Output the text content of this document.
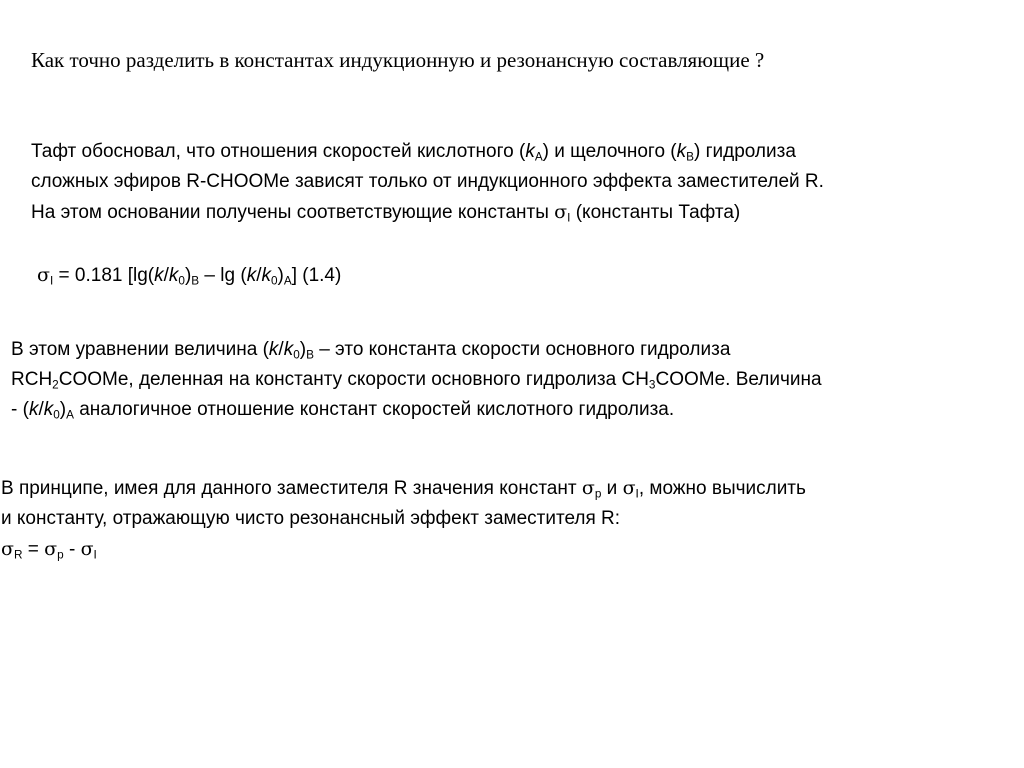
Как точно разделить в константах индукционную и резонансную составляющие ?
Тафт обосновал, что отношения скоростей кислотного $(k_A)$ и щелочного $(k_B)$ гидролиза
сложных эфиров R-CHOOMe зависят только от индукционного эффекта заместителей R.
На этом основании получены соответствующие константы $\sigma_I$ (константы Тафта)
$\sigma_I = 0.181$ [$\lg(k/k_0)_B$ – $\lg (k/k_0)_A$] (1.4)
В этом уравнении величина $(k/k_0)_B$ – это константа скорости основного гидролиза
$RCH_2COOMe$, деленная на константу скорости основного гидролиза $CH_3COOMe$. Величина
- $(k/k_0)_A$ аналогичное отношение констант скоростей кислотного гидролиза.
В принципе, имея для данного заместителя R значения констант $\sigma_p$ и $\sigma_I$, можно вычислить
и константу, отражающую чисто резонансный эффект заместителя R:
$\sigma_R = \sigma_p - \sigma_I$
